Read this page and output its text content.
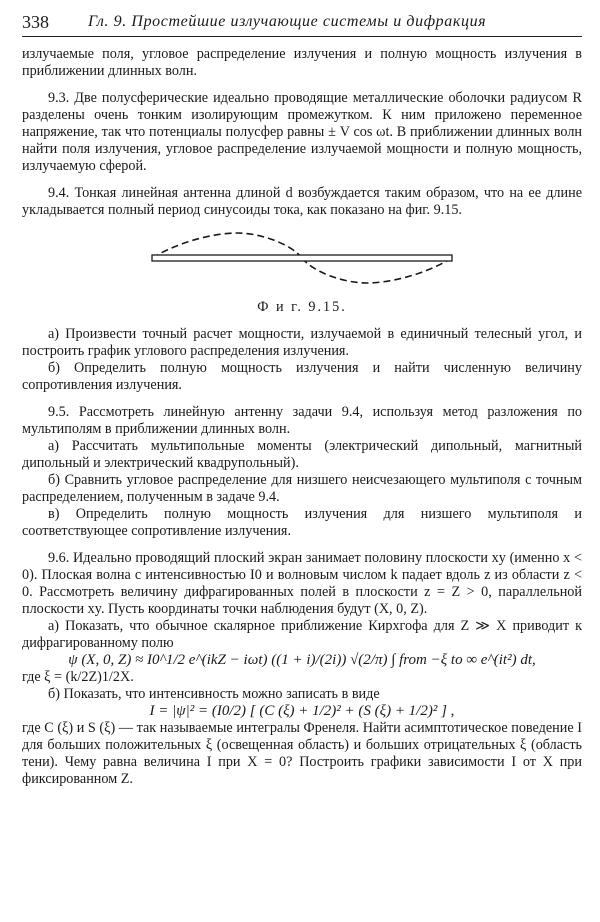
338 Гл. 9. Простейшие излучающие системы и дифракция

излучаемые поля, угловое распределение излучения и полную мощность излучения в приближении длинных волн.

9.3. Две полусферические идеально проводящие металлические оболочки радиусом R разделены очень тонким изолирующим промежутком. К ним приложено переменное напряжение, так что потенциалы полусфер равны ± V cos ωt. В приближении длинных волн найти поля излучения, угловое распределение излучаемой мощности и полную мощность, излучаемую сферой.

9.4. Тонкая линейная антенна длиной d возбуждается таким образом, что на ее длине укладывается полный период синусоиды тока, как показано на фиг. 9.15.

Ф и г. 9.15.

а) Произвести точный расчет мощности, излучаемой в единичный телесный угол, и построить график углового распределения излучения.

б) Определить полную мощность излучения и найти численную величину сопротивления излучения.

9.5. Рассмотреть линейную антенну задачи 9.4, используя метод разложения по мультиполям в приближении длинных волн.

а) Рассчитать мультипольные моменты (электрический дипольный, магнитный дипольный и электрический квадрупольный).

б) Сравнить угловое распределение для низшего неисчезающего мультиполя с точным распределением, полученным в задаче 9.4.

в) Определить полную мощность излучения для низшего мультиполя и соответствующее сопротивление излучения.

9.6. Идеально проводящий плоский экран занимает половину плоскости xy (именно x < 0). Плоская волна с интенсивностью I0 и волновым числом k падает вдоль z из области z < 0. Рассмотреть величину дифрагированных полей в плоскости z = Z > 0, параллельной плоскости xy. Пусть координаты точки наблюдения будут (X, 0, Z).

а) Показать, что обычное скалярное приближение Кирхгофа для Z ≫ X приводит к дифрагированному полю

ψ (X, 0, Z) ≈ I0^1/2 e^(ikZ − iωt) ((1 + i)/(2i)) √(2/π) ∫ from −ξ to ∞ e^(it²) dt,

где ξ = (k/2Z)1/2X.

б) Показать, что интенсивность можно записать в виде

I = |ψ|² = (I0/2) [ (C (ξ) + 1/2)² + (S (ξ) + 1/2)² ] ,

где C (ξ) и S (ξ) — так называемые интегралы Френеля. Найти асимптотическое поведение I для больших положительных ξ (освещенная область) и больших отрицательных ξ (область тени). Чему равна величина I при X = 0? Построить графики зависимости I от X при фиксированном Z.
